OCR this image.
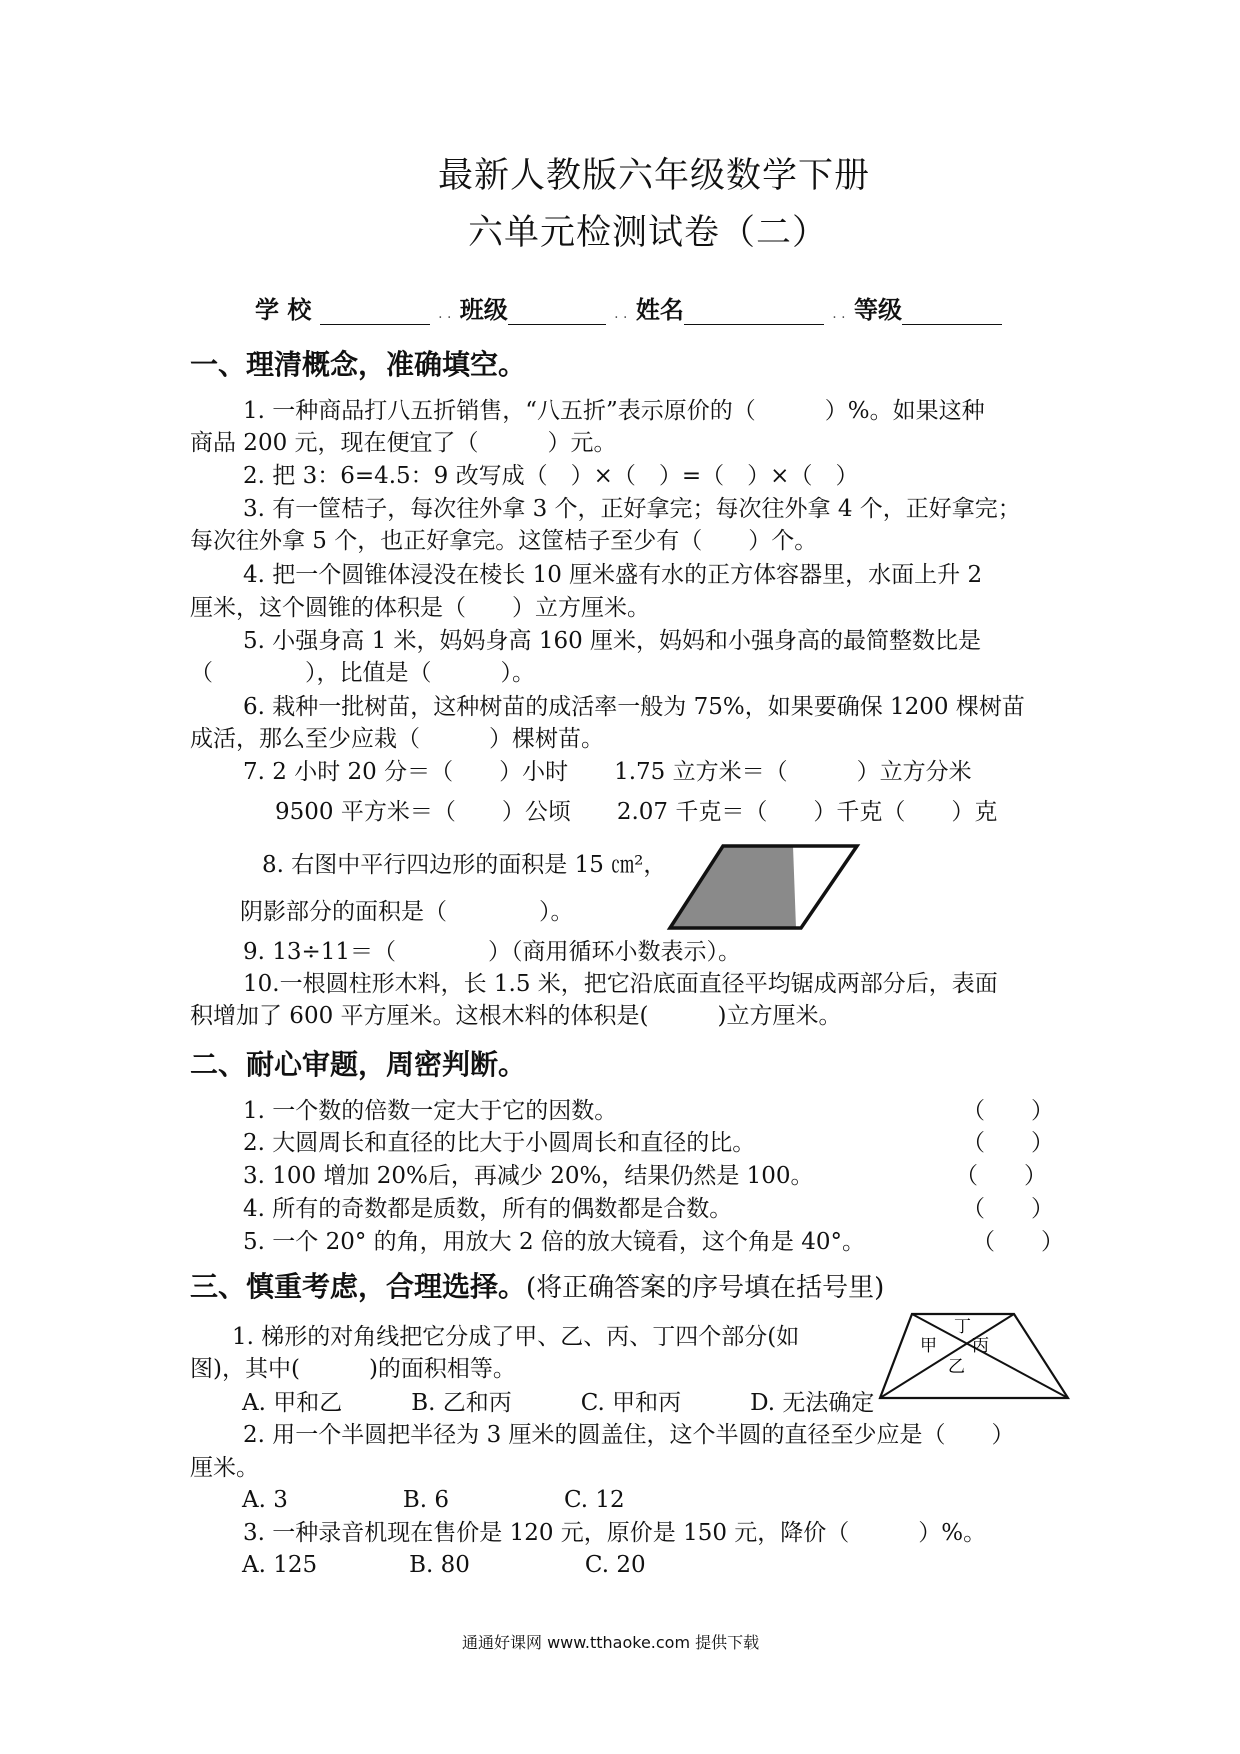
最新人教版六年级数学下册
六单元检测试卷（二）
学 校	. . 班级	. . 姓名	. . 等级
一、理清概念，准确填空。
1. 一种商品打八五折销售，“八五折”表示原价的（　　　）%。如果这种
商品 200 元，现在便宜了（　　　）元。
2. 把 3：6=4.5：9 改写成（　）×（　）=（　）×（　）
3. 有一筐桔子，每次往外拿 3 个，正好拿完；每次往外拿 4 个，正好拿完；
每次往外拿 5 个，也正好拿完。这筐桔子至少有（　　）个。
4. 把一个圆锥体浸没在棱长 10 厘米盛有水的正方体容器里，水面上升 2
厘米，这个圆锥的体积是（　　）立方厘米。
5. 小强身高 1 米，妈妈身高 160 厘米，妈妈和小强身高的最简整数比是
（　　　　），比值是（　　　）。
6. 栽种一批树苗，这种树苗的成活率一般为 75%，如果要确保 1200 棵树苗
成活，那么至少应栽（　　　）棵树苗。
7. 2 小时 20 分＝（　　）小时　　1.75 立方米＝（　　　）立方分米
9500 平方米＝（　　）公顷　　2.07 千克＝（　　）千克（　　）克
8. 右图中平行四边形的面积是 15 ㎝²，
阴影部分的面积是（　　　　）。
9. 13÷11＝（　　　　）（商用循环小数表示）。
10.一根圆柱形木料，长 1.5 米，把它沿底面直径平均锯成两部分后，表面
积增加了 600 平方厘米。这根木料的体积是(　　　)立方厘米。
二、耐心审题，周密判断。
1. 一个数的倍数一定大于它的因数。	（　　）
2. 大圆周长和直径的比大于小圆周长和直径的比。	（　　）
3. 100 增加 20%后，再减少 20%，结果仍然是 100。	（　　）
4. 所有的奇数都是质数，所有的偶数都是合数。	（　　）
5. 一个 20° 的角，用放大 2 倍的放大镜看，这个角是 40°。	（　　）
三、慎重考虑，合理选择。(将正确答案的序号填在括号里)
1. 梯形的对角线把它分成了甲、乙、丙、丁四个部分(如
图)，其中(　　　)的面积相等。
A. 甲和乙　　　B. 乙和丙　　　C. 甲和丙　　　D. 无法确定
丁
甲 丙
乙
2. 用一个半圆把半径为 3 厘米的圆盖住，这个半圆的直径至少应是（　　）
厘米。
A. 3　　　　　B. 6　　　　　C. 12
3. 一种录音机现在售价是 120 元，原价是 150 元，降价（　　　）%。
A. 125　　　　B. 80　　　　　C. 20
通通好课网 www.tthaoke.com 提供下载
